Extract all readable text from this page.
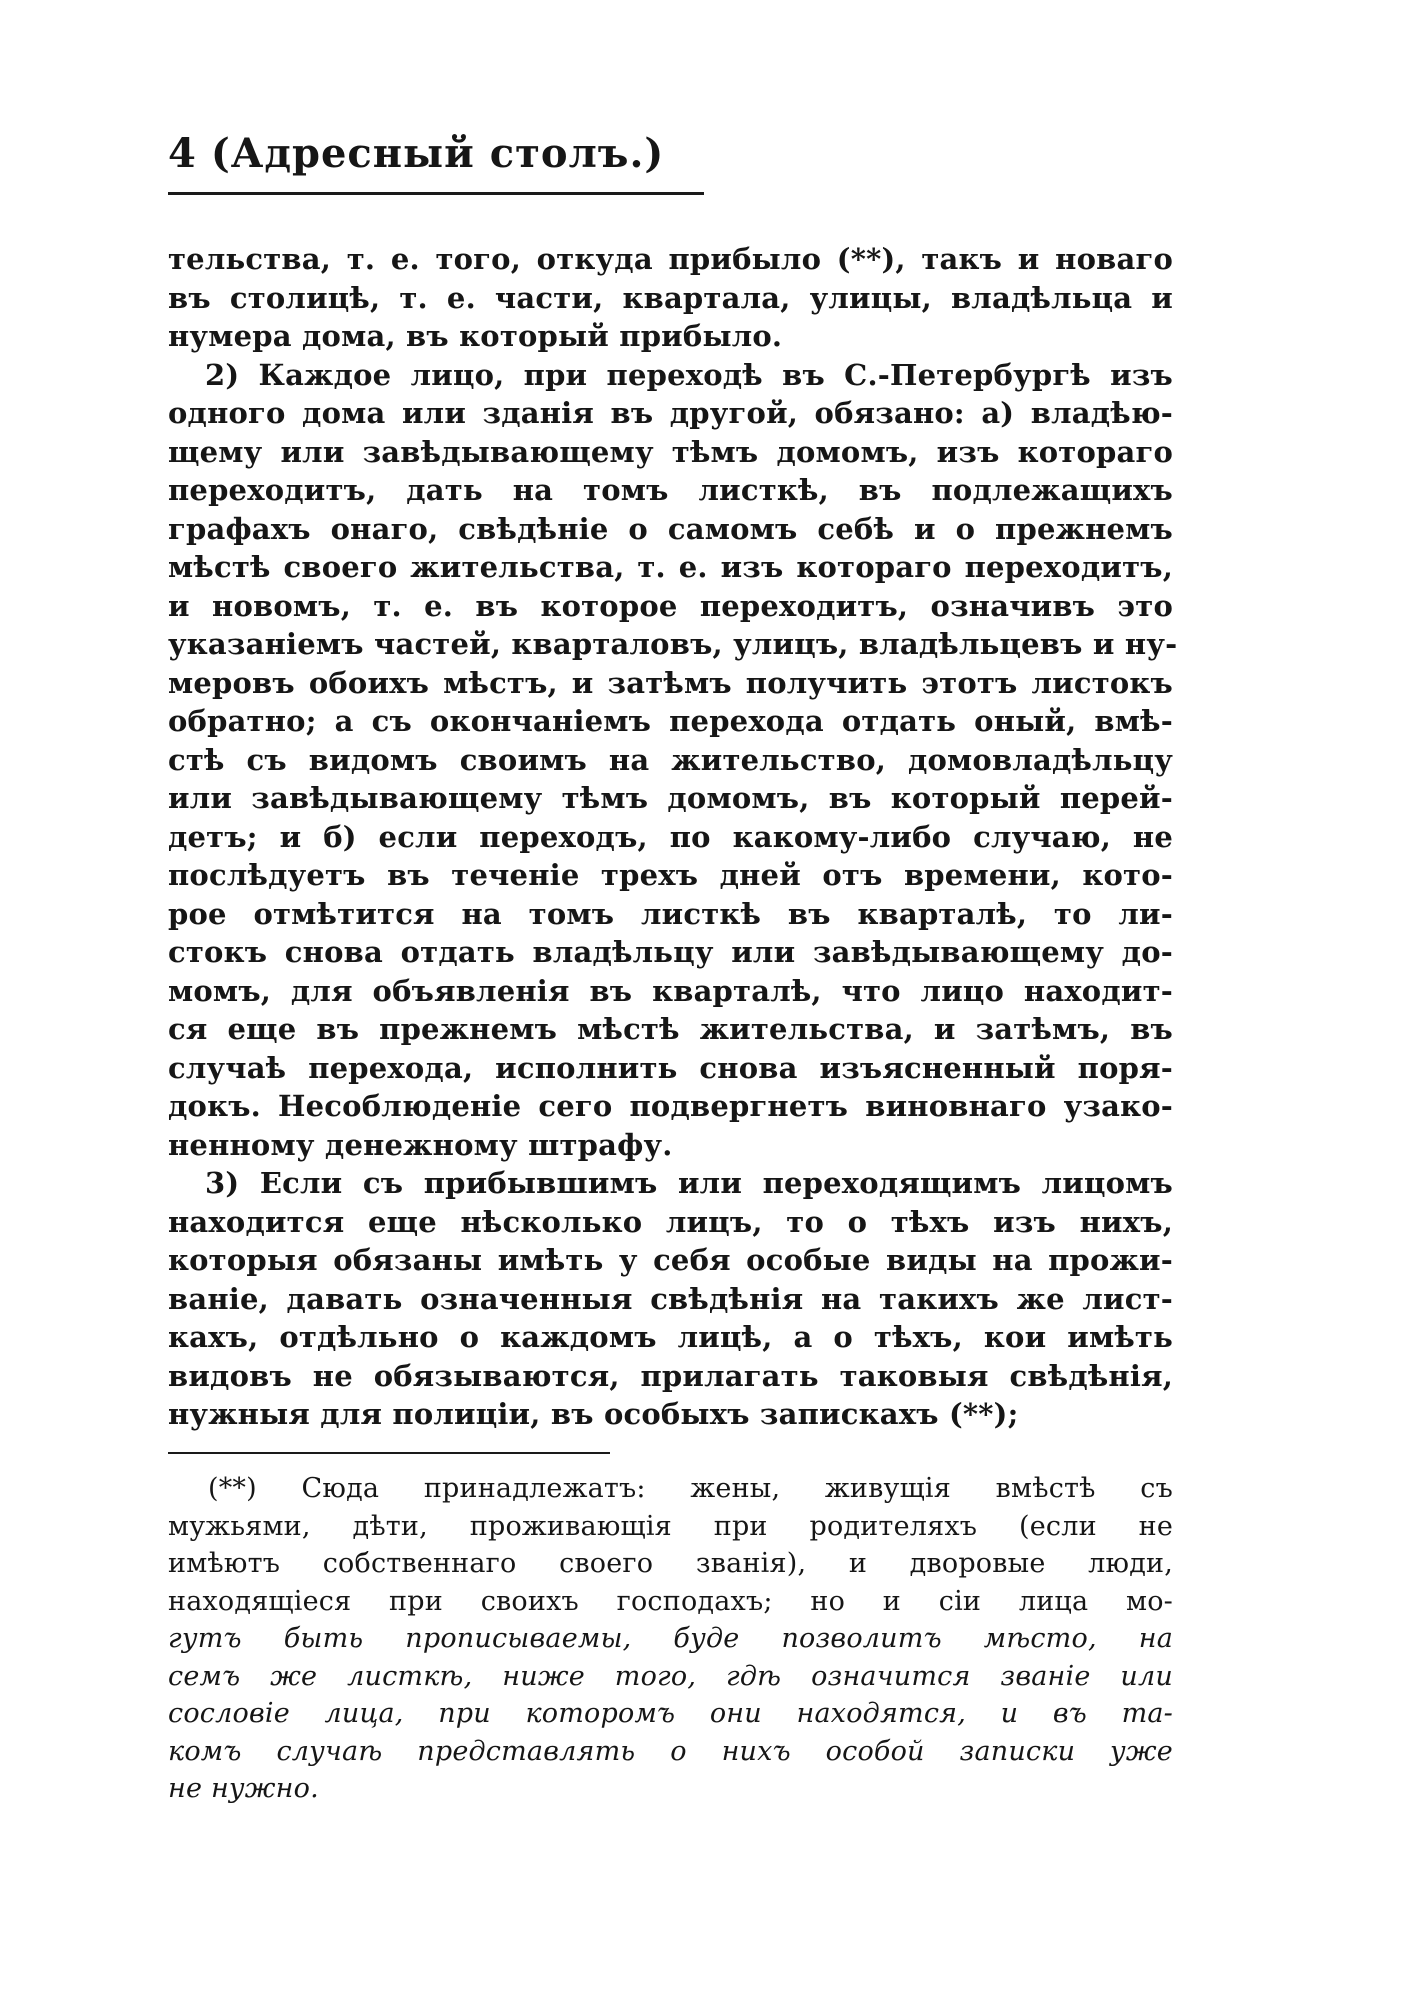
4 (Адресный столъ.)
тельства, т. е. того, откуда прибыло (**), такъ и новаго
въ столицѣ, т. е. части, квартала, улицы, владѣльца и
нумера дома, въ который прибыло.
2) Каждое лицо, при переходѣ въ С.-Петербургѣ изъ
одного дома или зданія въ другой, обязано: а) владѣю-
щему или завѣдывающему тѣмъ домомъ, изъ котораго
переходитъ, дать на томъ листкѣ, въ подлежащихъ
графахъ онаго, свѣдѣніе о самомъ себѣ и о прежнемъ
мѣстѣ своего жительства, т. е. изъ котораго переходитъ,
и новомъ, т. е. въ которое переходитъ, означивъ это
указаніемъ частей, кварталовъ, улицъ, владѣльцевъ и ну-
меровъ обоихъ мѣстъ, и затѣмъ получить этотъ листокъ
обратно; а съ окончаніемъ перехода отдать оный, вмѣ-
стѣ съ видомъ своимъ на жительство, домовладѣльцу
или завѣдывающему тѣмъ домомъ, въ который перей-
детъ; и б) если переходъ, по какому-либо случаю, не
послѣдуетъ въ теченіе трехъ дней отъ времени, кото-
рое отмѣтится на томъ листкѣ въ кварталѣ, то ли-
стокъ снова отдать владѣльцу или завѣдывающему до-
момъ, для объявленія въ кварталѣ, что лицо находит-
ся еще въ прежнемъ мѣстѣ жительства, и затѣмъ, въ
случаѣ перехода, исполнить снова изъясненный поря-
докъ. Несоблюденіе сего подвергнетъ виновнаго узако-
ненному денежному штрафу.
3) Если съ прибывшимъ или переходящимъ лицомъ
находится еще нѣсколько лицъ, то о тѣхъ изъ нихъ,
которыя обязаны имѣть у себя особые виды на прожи-
ваніе, давать означенныя свѣдѣнія на такихъ же лист-
кахъ, отдѣльно о каждомъ лицѣ, а о тѣхъ, кои имѣть
видовъ не обязываются, прилагать таковыя свѣдѣнія,
нужныя для полиціи, въ особыхъ запискахъ (**);
(**) Сюда принадлежатъ: жены, живущія вмѣстѣ съ
мужьями, дѣти, проживающія при родителяхъ (если не
имѣютъ собственнаго своего званія), и дворовые люди,
находящіеся при своихъ господахъ; но и сіи лица мо-
гутъ быть прописываемы, буде позволитъ мѣсто, на
семъ же листкѣ, ниже того, гдѣ означится званіе или
сословіе лица, при которомъ они находятся, и въ та-
комъ случаѣ представлять о нихъ особой записки уже
не нужно.
